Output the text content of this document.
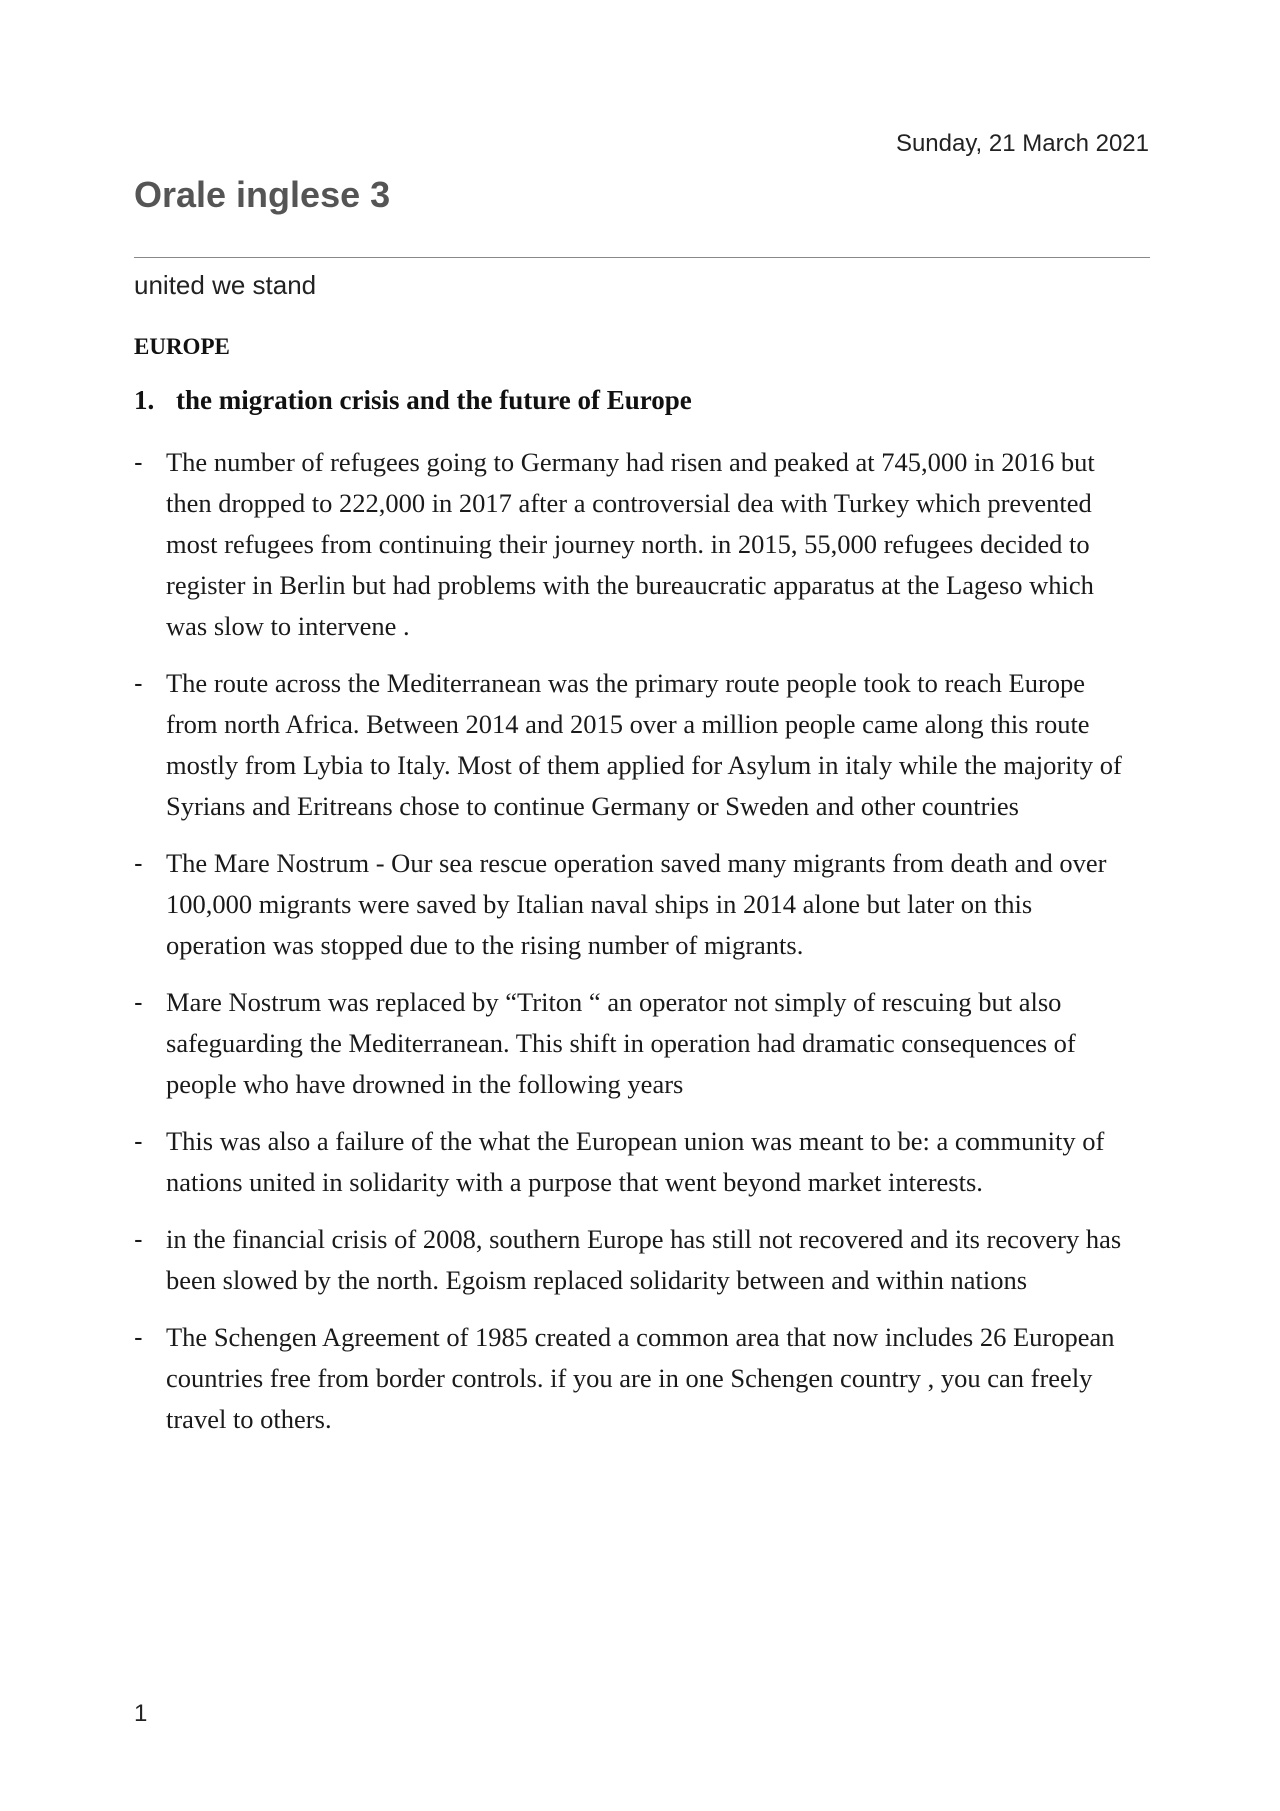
Sunday, 21 March 2021
Orale inglese 3
united we stand
EUROPE
1. the migration crisis and the future of Europe
- The number of refugees going to Germany had risen and peaked at 745,000 in 2016 but then dropped to 222,000 in 2017 after a controversial dea with Turkey which prevented most refugees from continuing their journey north. in 2015, 55,000 refugees decided to register in Berlin but had problems with the bureaucratic apparatus at the Lageso which was slow to intervene .
- The route across the Mediterranean was the primary route people took to reach Europe from north Africa. Between 2014 and 2015 over a million people came along this route mostly from Lybia to Italy. Most of them applied for Asylum in italy while the majority of Syrians and Eritreans chose to continue Germany or Sweden and other countries
- The Mare Nostrum - Our sea rescue operation saved many migrants from death and over 100,000 migrants were saved by Italian naval ships in 2014 alone but later on this operation was stopped due to the rising number of migrants.
- Mare Nostrum was replaced by “Triton “ an operator not simply of rescuing but also safeguarding the Mediterranean. This shift in operation had dramatic consequences of people who have drowned in the following years
- This was also a failure of the what the European union was meant to be: a community of nations united in solidarity with a purpose that went beyond market interests.
- in the financial crisis of 2008, southern Europe has still not recovered and its recovery has been slowed by the north. Egoism replaced solidarity between and within nations
- The Schengen Agreement of 1985 created a common area that now includes 26 European countries free from border controls. if you are in one Schengen country , you can freely travel to others.
1
